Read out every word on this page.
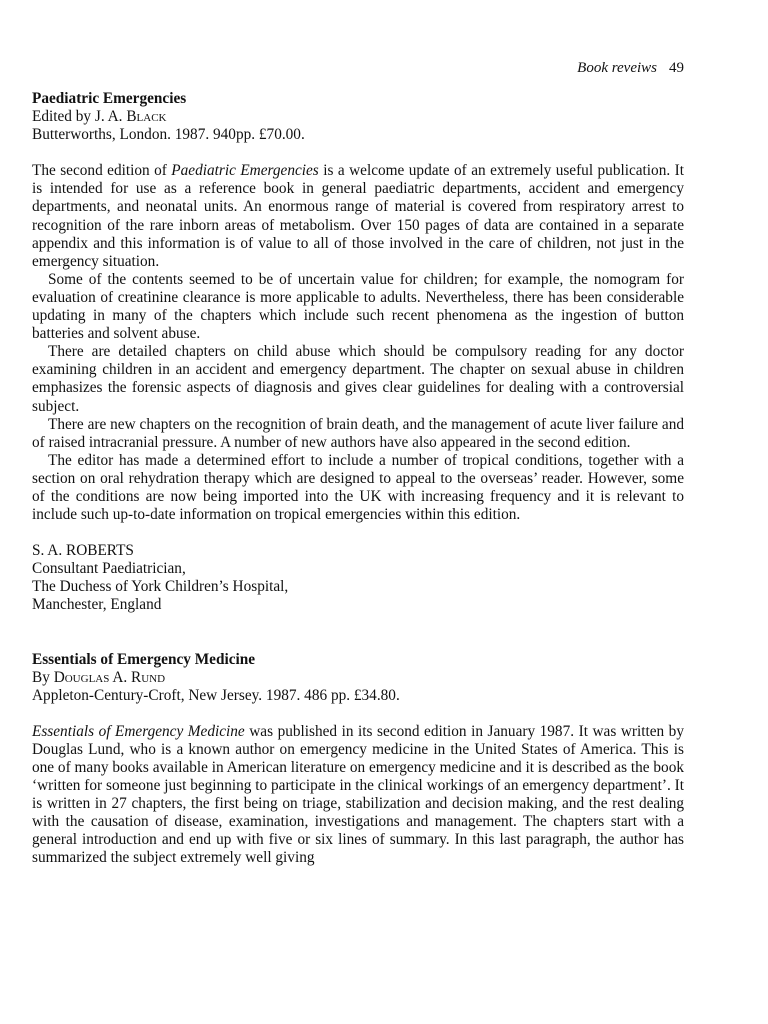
Book reveiws 49
Paediatric Emergencies
Edited by J. A. Black
Butterworths, London. 1987. 940pp. £70.00.

The second edition of Paediatric Emergencies is a welcome update of an extremely useful publication. It is intended for use as a reference book in general paediatric departments, accident and emergency departments, and neonatal units. An enormous range of material is covered from respiratory arrest to recognition of the rare inborn areas of metabolism. Over 150 pages of data are contained in a separate appendix and this information is of value to all of those involved in the care of children, not just in the emergency situation.

Some of the contents seemed to be of uncertain value for children; for example, the nomogram for evaluation of creatinine clearance is more applicable to adults. Nevertheless, there has been considerable updating in many of the chapters which include such recent phenomena as the ingestion of button batteries and solvent abuse.

There are detailed chapters on child abuse which should be compulsory reading for any doctor examining children in an accident and emergency department. The chapter on sexual abuse in children emphasizes the forensic aspects of diagnosis and gives clear guidelines for dealing with a controversial subject.

There are new chapters on the recognition of brain death, and the management of acute liver failure and of raised intracranial pressure. A number of new authors have also appeared in the second edition.

The editor has made a determined effort to include a number of tropical conditions, together with a section on oral rehydration therapy which are designed to appeal to the overseas’ reader. However, some of the conditions are now being imported into the UK with increasing frequency and it is relevant to include such up-to-date information on tropical emergencies within this edition.

S. A. ROBERTS
Consultant Paediatrician,
The Duchess of York Children’s Hospital,
Manchester, England
Essentials of Emergency Medicine
By Douglas A. Rund
Appleton-Century-Croft, New Jersey. 1987. 486 pp. £34.80.

Essentials of Emergency Medicine was published in its second edition in January 1987. It was written by Douglas Lund, who is a known author on emergency medicine in the United States of America. This is one of many books available in American literature on emergency medicine and it is described as the book ‘written for someone just beginning to participate in the clinical workings of an emergency department’. It is written in 27 chapters, the first being on triage, stabilization and decision making, and the rest dealing with the causation of disease, examination, investigations and management. The chapters start with a general introduction and end up with five or six lines of summary. In this last paragraph, the author has summarized the subject extremely well giving
